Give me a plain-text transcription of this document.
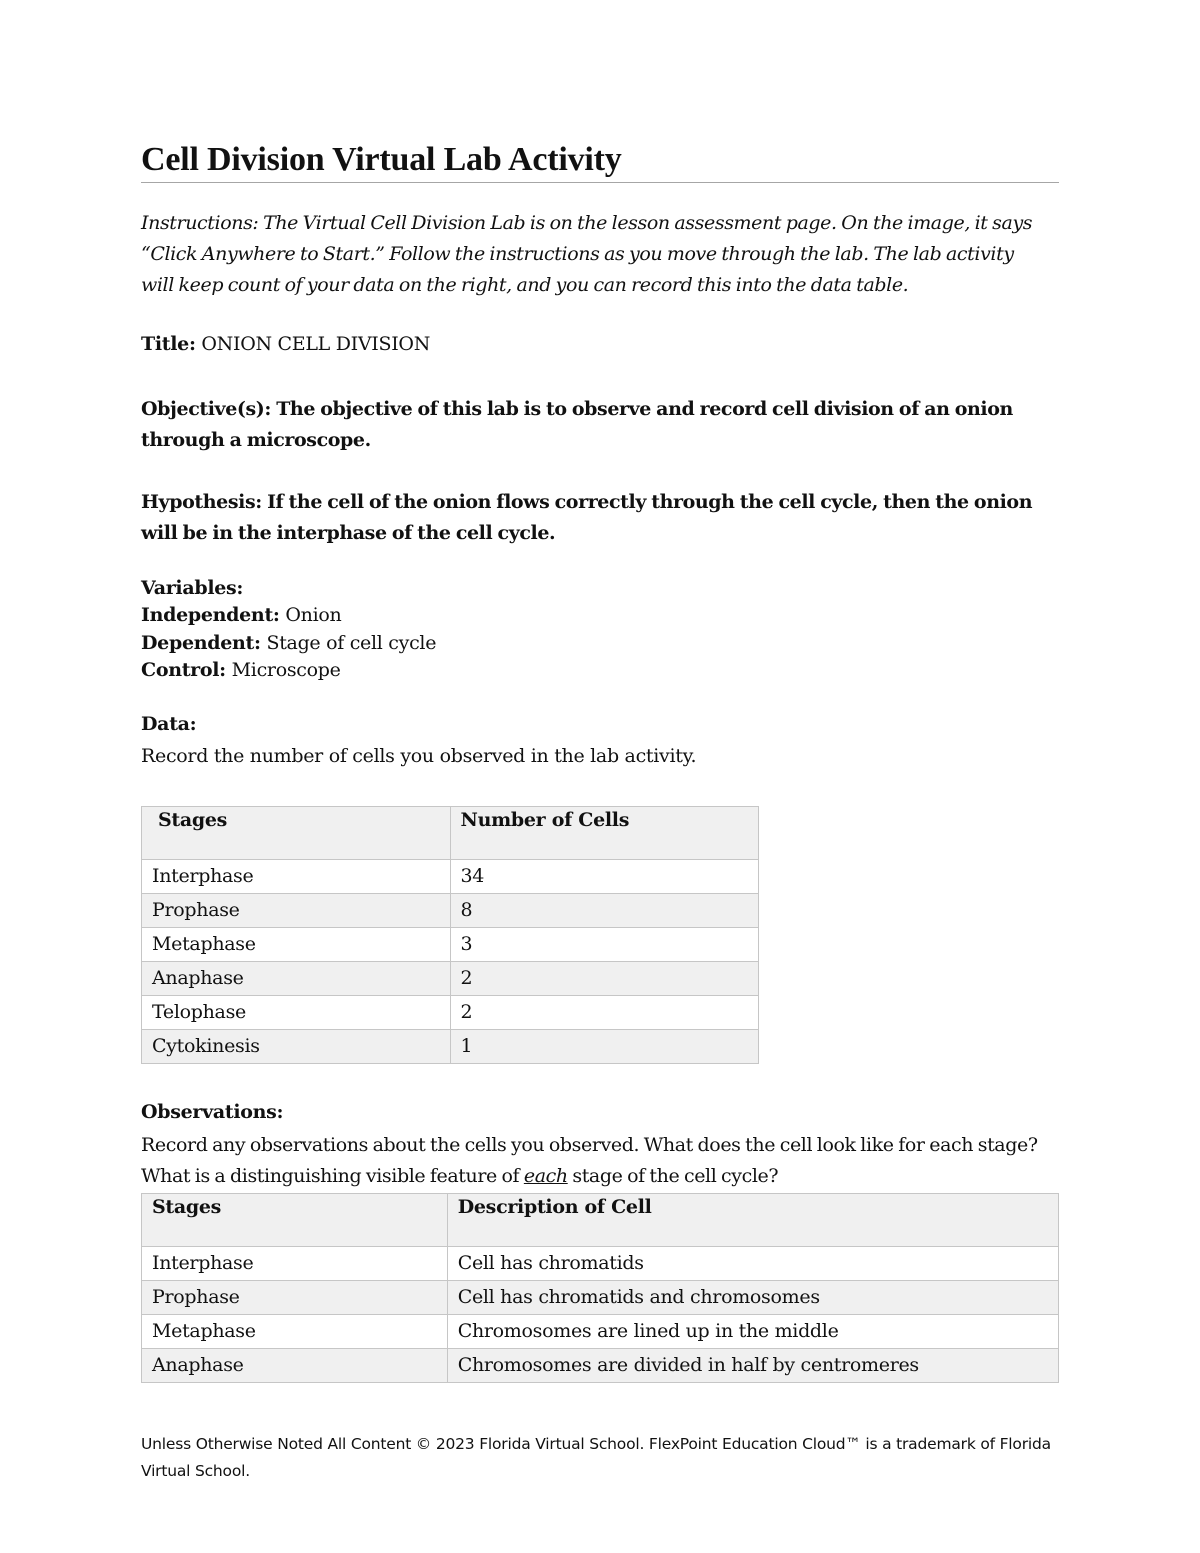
Cell Division Virtual Lab Activity
Instructions: The Virtual Cell Division Lab is on the lesson assessment page. On the image, it says “Click Anywhere to Start.” Follow the instructions as you move through the lab. The lab activity will keep count of your data on the right, and you can record this into the data table.
Title: ONION CELL DIVISION
Objective(s): The objective of this lab is to observe and record cell division of an onion through a microscope.
Hypothesis: If the cell of the onion flows correctly through the cell cycle, then the onion will be in the interphase of the cell cycle.
Variables:
Independent: Onion
Dependent: Stage of cell cycle
Control: Microscope
Data:
Record the number of cells you observed in the lab activity.
Stages	Number of Cells
Interphase	34
Prophase	8
Metaphase	3
Anaphase	2
Telophase	2
Cytokinesis	1
Observations:
Record any observations about the cells you observed. What does the cell look like for each stage? What is a distinguishing visible feature of each stage of the cell cycle?
Stages	Description of Cell
Interphase	Cell has chromatids
Prophase	Cell has chromatids and chromosomes
Metaphase	Chromosomes are lined up in the middle
Anaphase	Chromosomes are divided in half by centromeres
Unless Otherwise Noted All Content © 2023 Florida Virtual School. FlexPoint Education Cloud™ is a trademark of Florida Virtual School.
